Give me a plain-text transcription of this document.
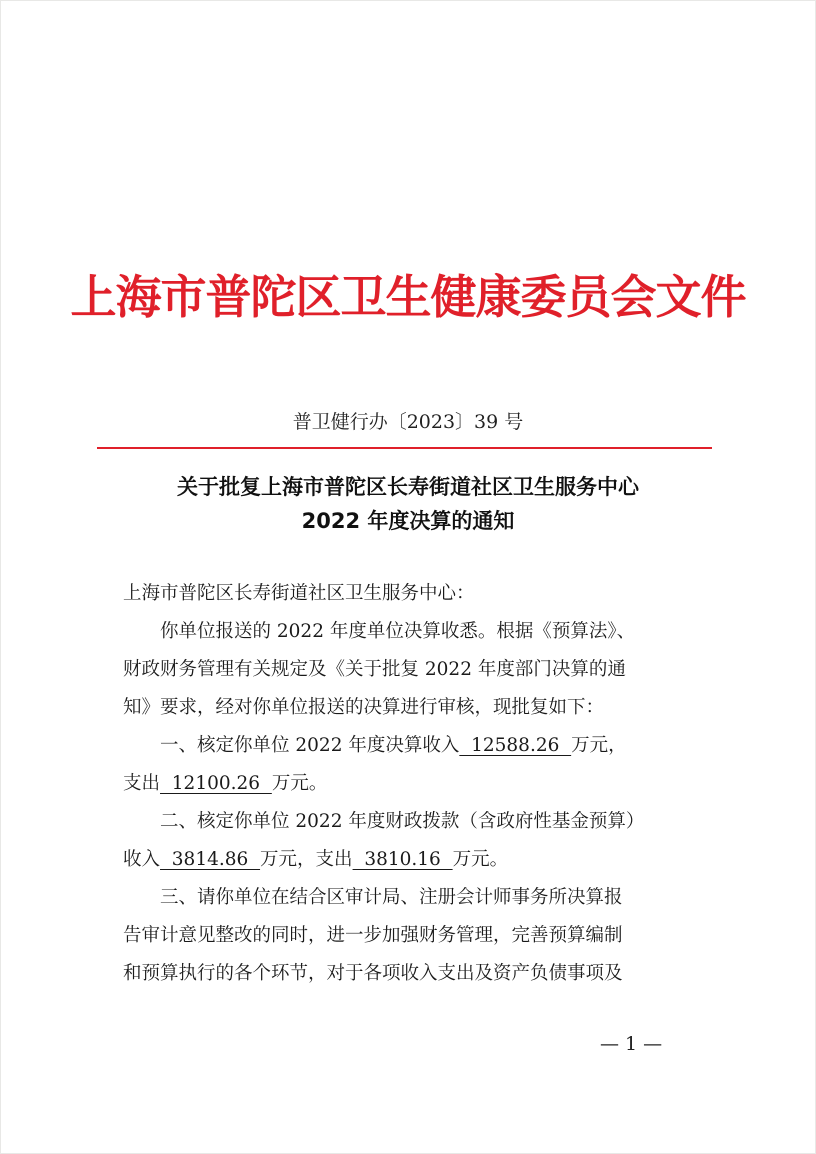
上海市普陀区卫生健康委员会文件
普卫健行办〔2023〕39 号
关于批复上海市普陀区长寿街道社区卫生服务中心
2022 年度决算的通知
上海市普陀区长寿街道社区卫生服务中心：
你单位报送的 2022 年度单位决算收悉。根据《预算法》、
财政财务管理有关规定及《关于批复 2022 年度部门决算的通
知》要求，经对你单位报送的决算进行审核，现批复如下：
一、核定你单位 2022 年度决算收入  12588.26  万元，
支出  12100.26  万元。
二、核定你单位 2022 年度财政拨款（含政府性基金预算）
收入  3814.86  万元，支出  3810.16  万元。
三、请你单位在结合区审计局、注册会计师事务所决算报
告审计意见整改的同时，进一步加强财务管理，完善预算编制
和预算执行的各个环节，对于各项收入支出及资产负债事项及
— 1 —
